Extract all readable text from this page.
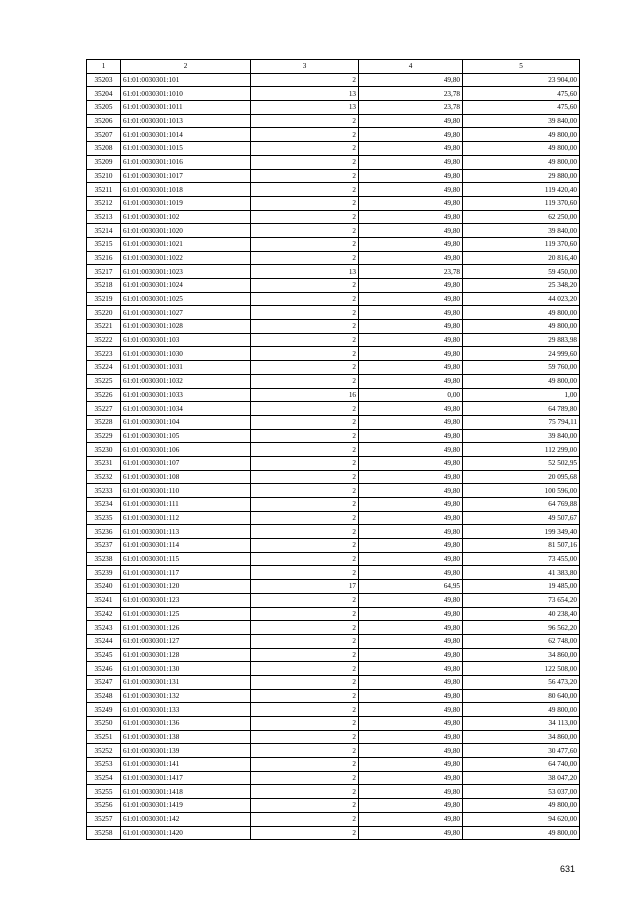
1	2	3	4	5
35203	61:01:0030301:101	2	49,80	23 904,00
35204	61:01:0030301:1010	13	23,78	475,60
35205	61:01:0030301:1011	13	23,78	475,60
35206	61:01:0030301:1013	2	49,80	39 840,00
35207	61:01:0030301:1014	2	49,80	49 800,00
35208	61:01:0030301:1015	2	49,80	49 800,00
35209	61:01:0030301:1016	2	49,80	49 800,00
35210	61:01:0030301:1017	2	49,80	29 880,00
35211	61:01:0030301:1018	2	49,80	119 420,40
35212	61:01:0030301:1019	2	49,80	119 370,60
35213	61:01:0030301:102	2	49,80	62 250,00
35214	61:01:0030301:1020	2	49,80	39 840,00
35215	61:01:0030301:1021	2	49,80	119 370,60
35216	61:01:0030301:1022	2	49,80	20 816,40
35217	61:01:0030301:1023	13	23,78	59 450,00
35218	61:01:0030301:1024	2	49,80	25 348,20
35219	61:01:0030301:1025	2	49,80	44 023,20
35220	61:01:0030301:1027	2	49,80	49 800,00
35221	61:01:0030301:1028	2	49,80	49 800,00
35222	61:01:0030301:103	2	49,80	29 883,98
35223	61:01:0030301:1030	2	49,80	24 999,60
35224	61:01:0030301:1031	2	49,80	59 760,00
35225	61:01:0030301:1032	2	49,80	49 800,00
35226	61:01:0030301:1033	16	0,00	1,00
35227	61:01:0030301:1034	2	49,80	64 789,80
35228	61:01:0030301:104	2	49,80	75 794,11
35229	61:01:0030301:105	2	49,80	39 840,00
35230	61:01:0030301:106	2	49,80	112 299,00
35231	61:01:0030301:107	2	49,80	52 502,95
35232	61:01:0030301:108	2	49,80	20 095,68
35233	61:01:0030301:110	2	49,80	100 596,00
35234	61:01:0030301:111	2	49,80	64 769,88
35235	61:01:0030301:112	2	49,80	49 507,67
35236	61:01:0030301:113	2	49,80	199 349,40
35237	61:01:0030301:114	2	49,80	81 507,16
35238	61:01:0030301:115	2	49,80	73 455,00
35239	61:01:0030301:117	2	49,80	41 383,80
35240	61:01:0030301:120	17	64,95	19 485,00
35241	61:01:0030301:123	2	49,80	73 654,20
35242	61:01:0030301:125	2	49,80	40 238,40
35243	61:01:0030301:126	2	49,80	96 562,20
35244	61:01:0030301:127	2	49,80	62 748,00
35245	61:01:0030301:128	2	49,80	34 860,00
35246	61:01:0030301:130	2	49,80	122 508,00
35247	61:01:0030301:131	2	49,80	56 473,20
35248	61:01:0030301:132	2	49,80	80 640,00
35249	61:01:0030301:133	2	49,80	49 800,00
35250	61:01:0030301:136	2	49,80	34 113,00
35251	61:01:0030301:138	2	49,80	34 860,00
35252	61:01:0030301:139	2	49,80	30 477,60
35253	61:01:0030301:141	2	49,80	64 740,00
35254	61:01:0030301:1417	2	49,80	38 047,20
35255	61:01:0030301:1418	2	49,80	53 037,00
35256	61:01:0030301:1419	2	49,80	49 800,00
35257	61:01:0030301:142	2	49,80	94 620,00
35258	61:01:0030301:1420	2	49,80	49 800,00
631
